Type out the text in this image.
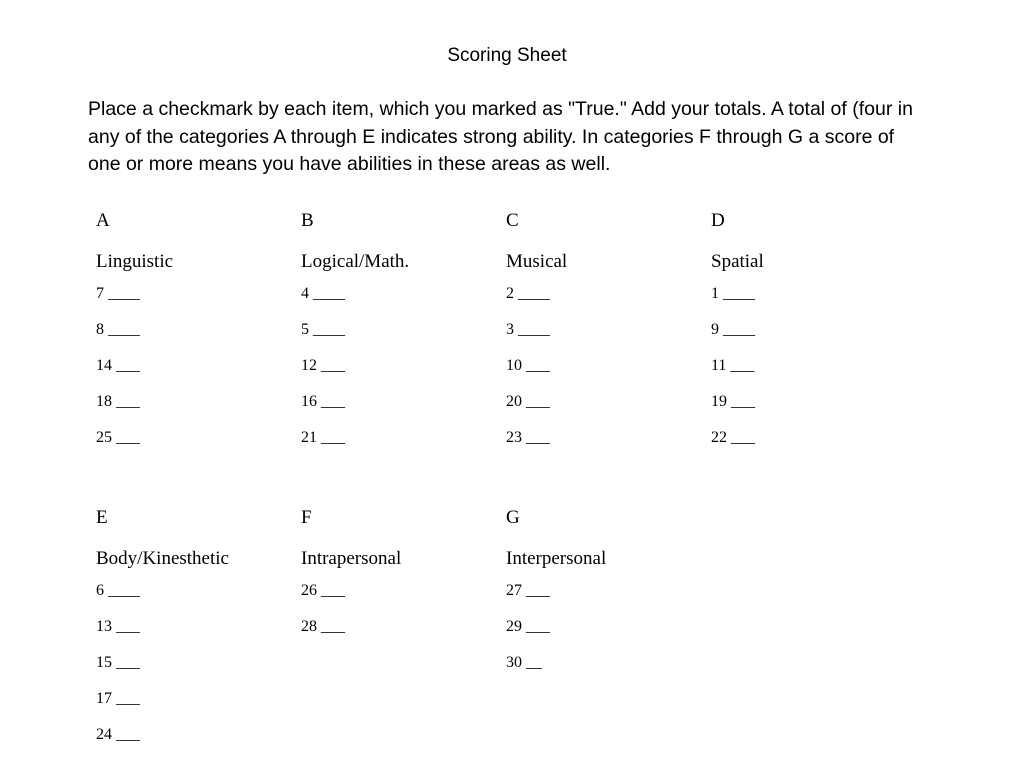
Scoring Sheet
Place a checkmark by each item, which you marked as "True." Add your totals. A total of (four in any of the categories A through E indicates strong ability. In categories F through G a score of one or more means you have abilities in these areas as well.
A
Linguistic
7 ____
8 ____
14 ___
18 ___
25 ___
B
Logical/Math.
4 ____
5 ____
12 ___
16 ___
21 ___
C
Musical
2 ____
3 ____
10 ___
20 ___
23 ___
D
Spatial
1 ____
9 ____
11 ___
19 ___
22 ___
E
Body/Kinesthetic
6 ____
13 ___
15 ___
17 ___
24 ___
F
Intrapersonal
26 ___
28 ___
G
Interpersonal
27 ___
29 ___
30 __
